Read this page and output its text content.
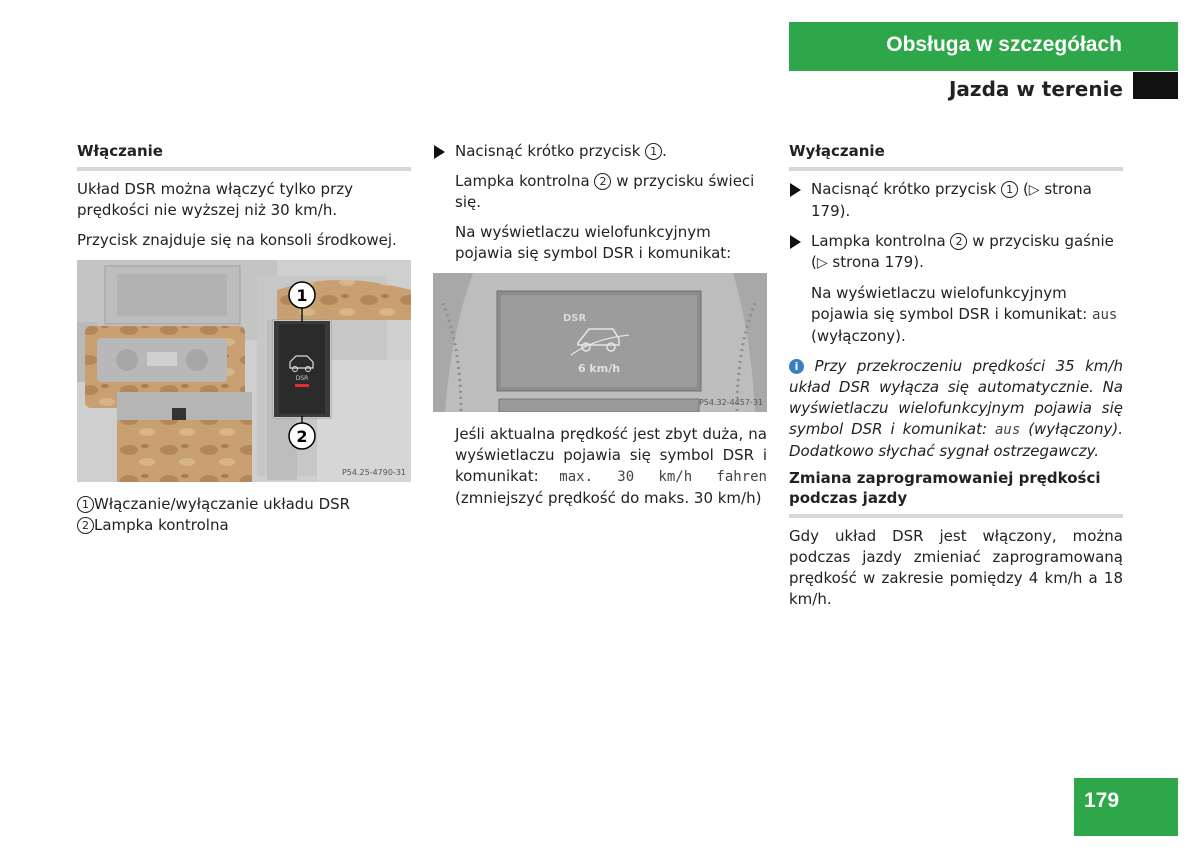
Obsługa w szczegółach
Jazda w terenie
Włączanie

Układ DSR można włączyć tylko przy prędkości nie wyższej niż 30 km/h.

Przycisk znajduje się na konsoli środkowej.

DSR
1
2
P54.25-4790-31
1 Włączanie/wyłączanie układu DSR
2 Lampka kontrolna
Nacisnąć krótko przycisk 1 .

Lampka kontrolna 2 w przycisku świeci się.

Na wyświetlaczu wielofunkcyjnym pojawia się symbol DSR i komunikat:

DSR
6 km/h
P54.32-4457-31

Jeśli aktualna prędkość jest zbyt duża, na wyświetlaczu pojawia się symbol DSR i komunikat: max. 30 km/h fahren (zmniejszyć prędkość do maks. 30 km/h)

Wyłączanie
Nacisnąć krótko przycisk 1 (▷ strona 179).
Lampka kontrolna 2 w przycisku gaśnie
(▷ strona 179).

Na wyświetlaczu wielofunkcyjnym pojawia się symbol DSR i komunikat: aus (wyłączony).

i Przy przekroczeniu prędkości 35 km/h układ DSR wyłącza się automatycznie. Na wyświetlaczu wielofunkcyjnym pojawia się symbol DSR i komunikat: aus (wyłączony). Dodatkowo słychać sygnał ostrzegawczy.

Zmiana zaprogramowaniej prędkości podczas jazdy

Gdy układ DSR jest włączony, można podczas jazdy zmieniać zaprogramowaną prędkość w zakresie pomiędzy 4 km/h a 18 km/h.

179
